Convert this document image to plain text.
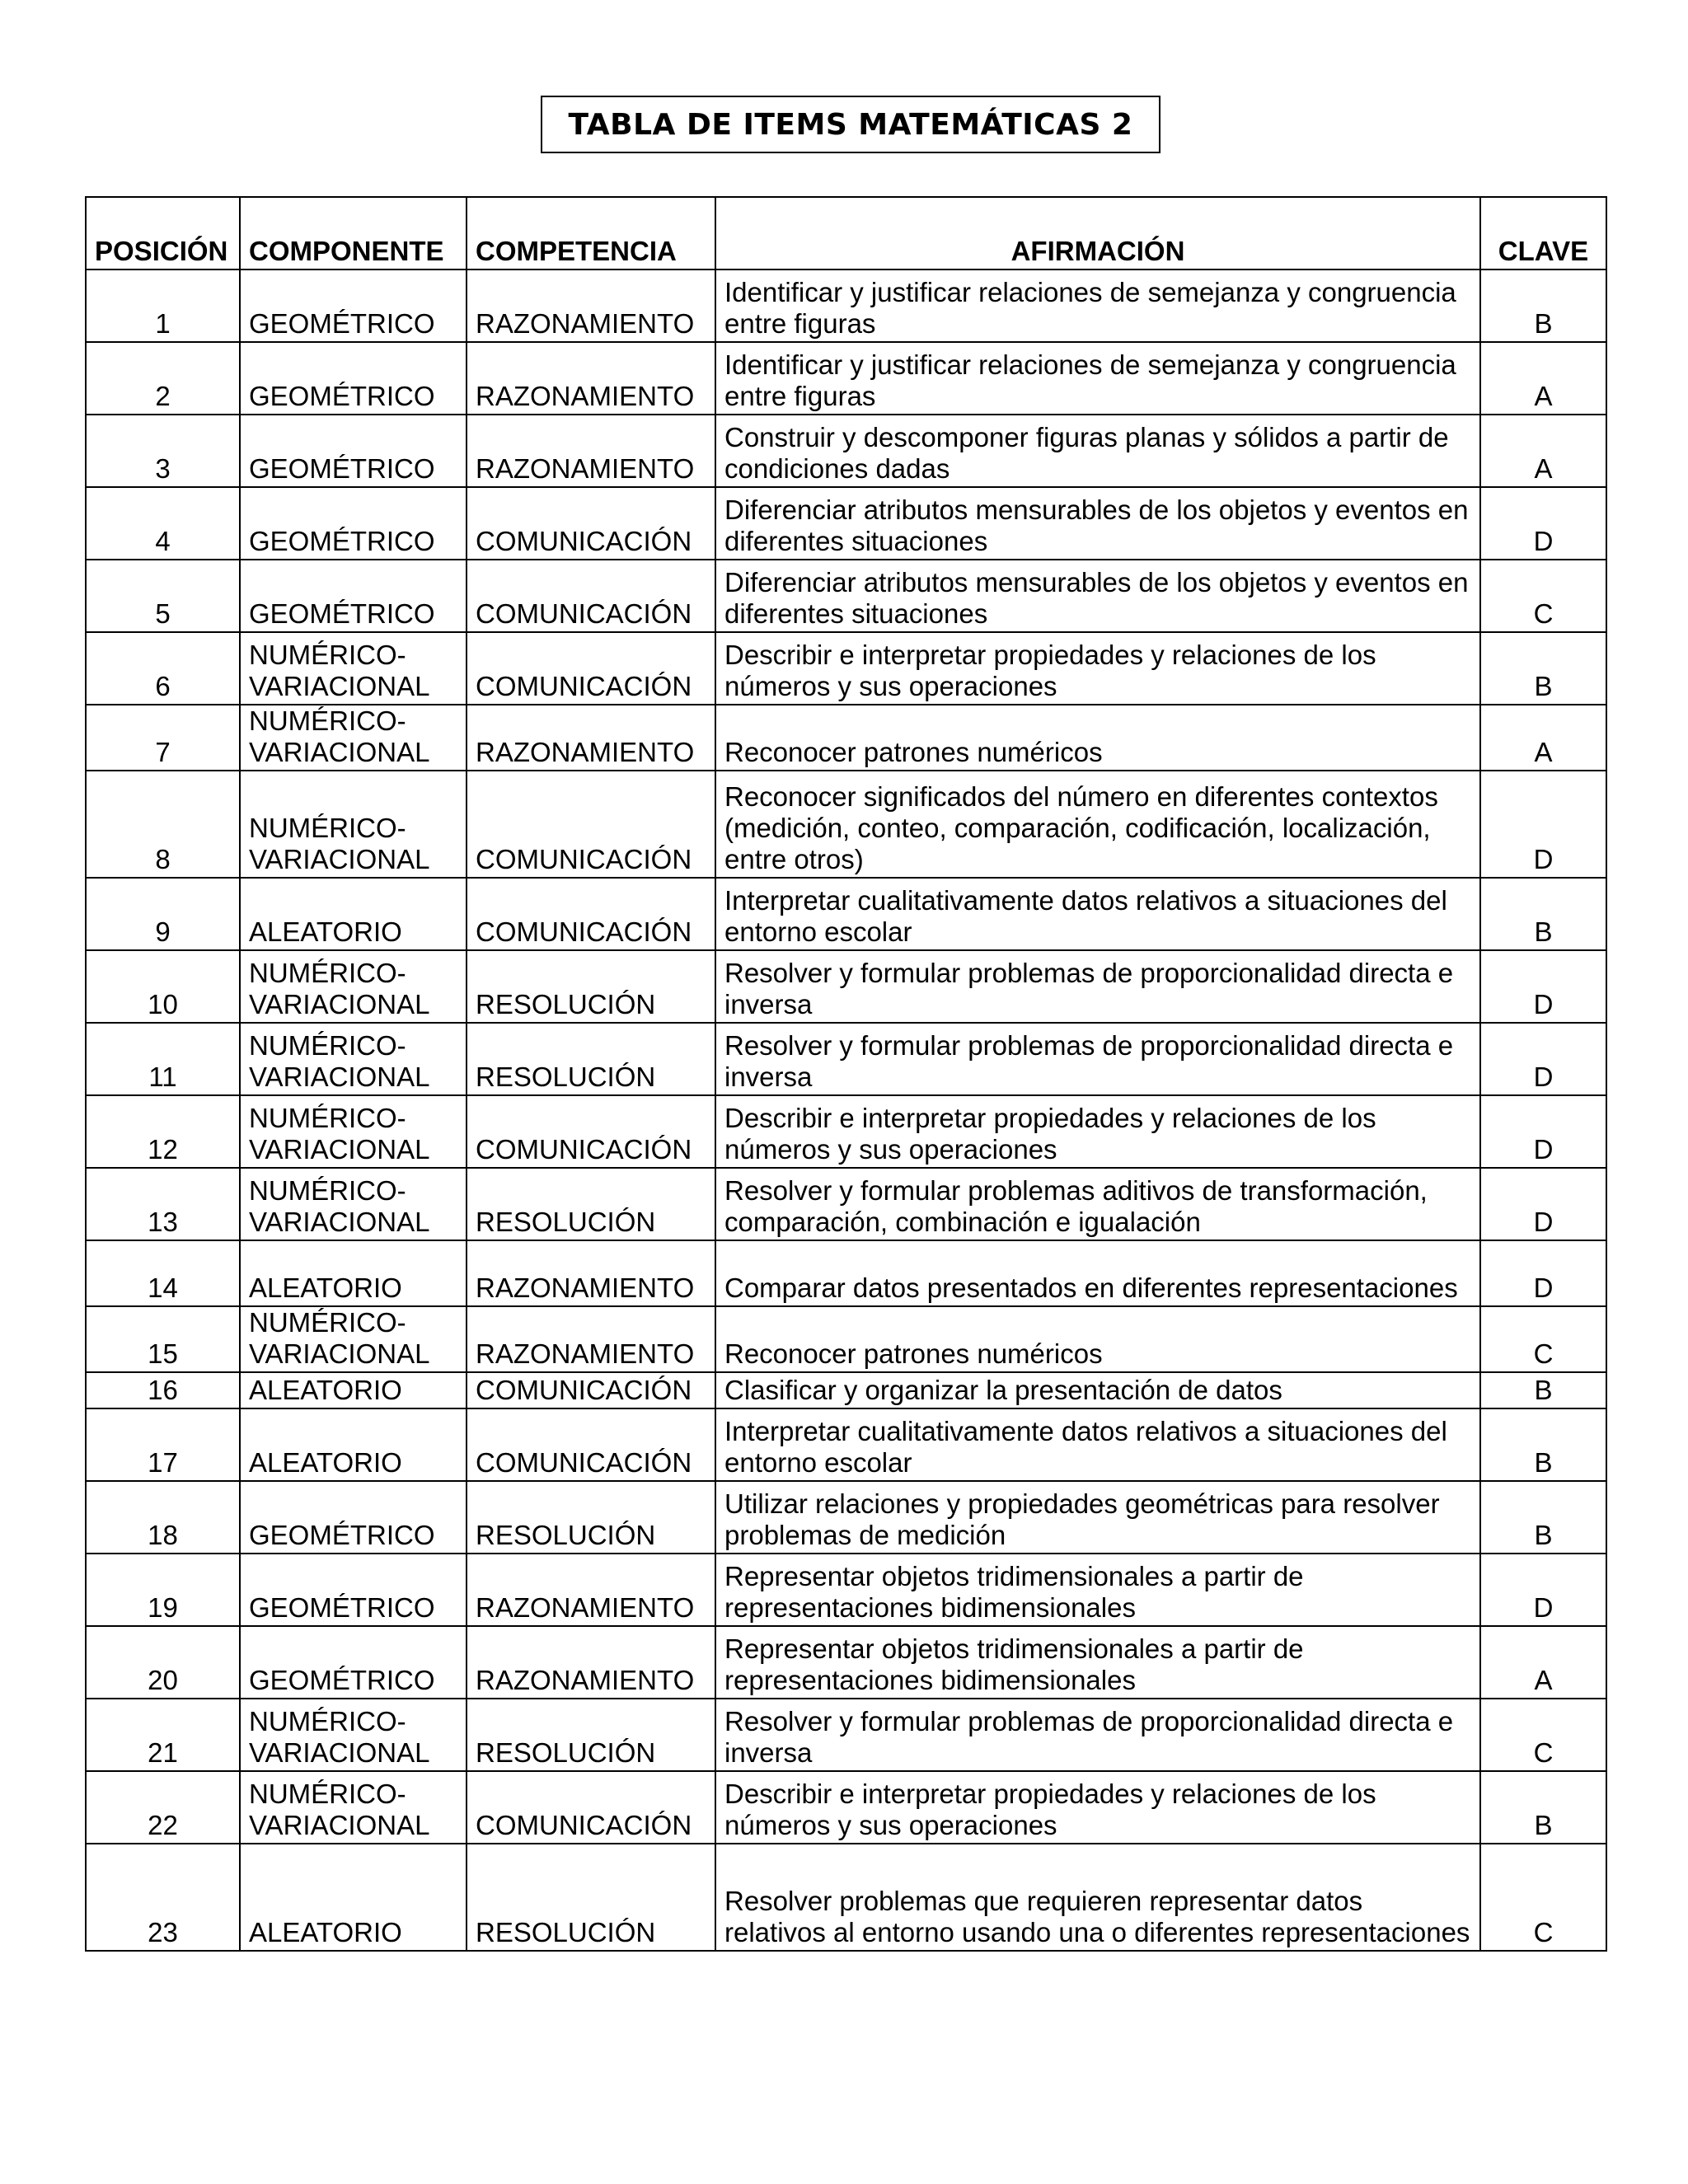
TABLA DE ITEMS MATEMÁTICAS 2
POSICIÓN	COMPONENTE	COMPETENCIA	AFIRMACIÓN	CLAVE
1	GEOMÉTRICO	RAZONAMIENTO	Identificar y justificar relaciones de semejanza y congruencia entre figuras	B
2	GEOMÉTRICO	RAZONAMIENTO	Identificar y justificar relaciones de semejanza y congruencia entre figuras	A
3	GEOMÉTRICO	RAZONAMIENTO	Construir y descomponer figuras planas y sólidos a partir de condiciones dadas	A
4	GEOMÉTRICO	COMUNICACIÓN	Diferenciar atributos mensurables de los objetos y eventos en diferentes situaciones	D
5	GEOMÉTRICO	COMUNICACIÓN	Diferenciar atributos mensurables de los objetos y eventos en diferentes situaciones	C
6	NUMÉRICO-VARIACIONAL	COMUNICACIÓN	Describir e interpretar propiedades y relaciones de los números y sus operaciones	B
7	NUMÉRICO-VARIACIONAL	RAZONAMIENTO	Reconocer patrones numéricos	A
8	NUMÉRICO-VARIACIONAL	COMUNICACIÓN	Reconocer significados del número en diferentes contextos (medición, conteo, comparación, codificación, localización, entre otros)	D
9	ALEATORIO	COMUNICACIÓN	Interpretar cualitativamente datos relativos a situaciones del entorno escolar	B
10	NUMÉRICO-VARIACIONAL	RESOLUCIÓN	Resolver y formular problemas de proporcionalidad directa e inversa	D
11	NUMÉRICO-VARIACIONAL	RESOLUCIÓN	Resolver y formular problemas de proporcionalidad directa e inversa	D
12	NUMÉRICO-VARIACIONAL	COMUNICACIÓN	Describir e interpretar propiedades y relaciones de los números y sus operaciones	D
13	NUMÉRICO-VARIACIONAL	RESOLUCIÓN	Resolver y formular problemas aditivos de transformación, comparación, combinación e igualación	D
14	ALEATORIO	RAZONAMIENTO	Comparar datos presentados en diferentes representaciones	D
15	NUMÉRICO-VARIACIONAL	RAZONAMIENTO	Reconocer patrones numéricos	C
16	ALEATORIO	COMUNICACIÓN	Clasificar y organizar la presentación de datos	B
17	ALEATORIO	COMUNICACIÓN	Interpretar cualitativamente datos relativos a situaciones del entorno escolar	B
18	GEOMÉTRICO	RESOLUCIÓN	Utilizar relaciones y propiedades geométricas para resolver problemas de medición	B
19	GEOMÉTRICO	RAZONAMIENTO	Representar objetos tridimensionales a partir de representaciones bidimensionales	D
20	GEOMÉTRICO	RAZONAMIENTO	Representar objetos tridimensionales a partir de representaciones bidimensionales	A
21	NUMÉRICO-VARIACIONAL	RESOLUCIÓN	Resolver y formular problemas de proporcionalidad directa e inversa	C
22	NUMÉRICO-VARIACIONAL	COMUNICACIÓN	Describir e interpretar propiedades y relaciones de los números y sus operaciones	B
23	ALEATORIO	RESOLUCIÓN	Resolver problemas que requieren representar datos relativos al entorno usando una o diferentes representaciones	C
